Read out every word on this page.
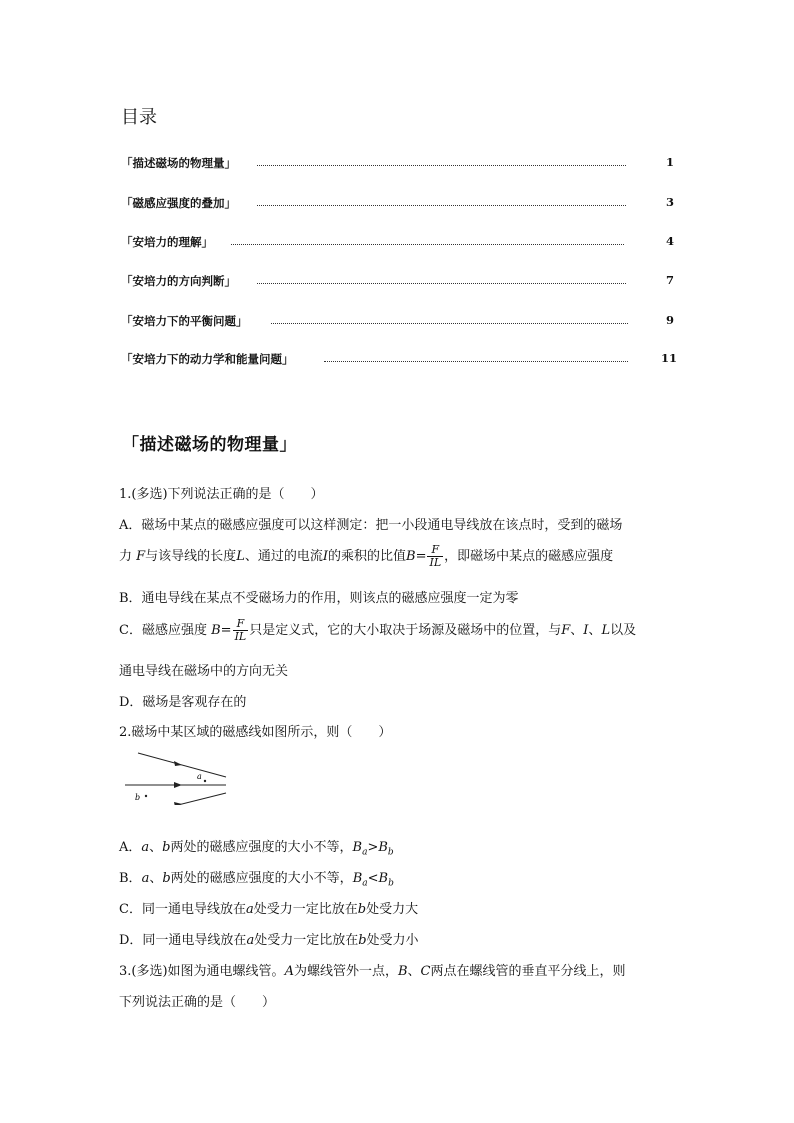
目录
「描述磁场的物理量」	1
「磁感应强度的叠加」	3
「安培力的理解」	4
「安培力的方向判断」	7
「安培力下的平衡问题」	9
「安培力下的动力学和能量问题」	11
「描述磁场的物理量」
1.(多选)下列说法正确的是（　　）
A．磁场中某点的磁感应强度可以这样测定：把一小段通电导线放在该点时，受到的磁场
力 F与该导线的长度L、通过的电流I的乘积的比值$B= \frac{F}{IL}$ ，即磁场中某点的磁感应强度
B．通电导线在某点不受磁场力的作用，则该点的磁感应强度一定为零
C．磁感应强度 $B= \frac{F}{IL}$ 只是定义式，它的大小取决于场源及磁场中的位置，与F、I、L以及
通电导线在磁场中的方向无关
D．磁场是客观存在的
2.磁场中某区域的磁感线如图所示，则（　　）
a
b
A．a、b两处的磁感应强度的大小不等，$B_a>B_b$
B．a、b两处的磁感应强度的大小不等，$B_a<B_b$
C．同一通电导线放在a处受力一定比放在b处受力大
D．同一通电导线放在a处受力一定比放在b处受力小
3.(多选)如图为通电螺线管。A为螺线管外一点，B、C两点在螺线管的垂直平分线上，则
下列说法正确的是（　　）
